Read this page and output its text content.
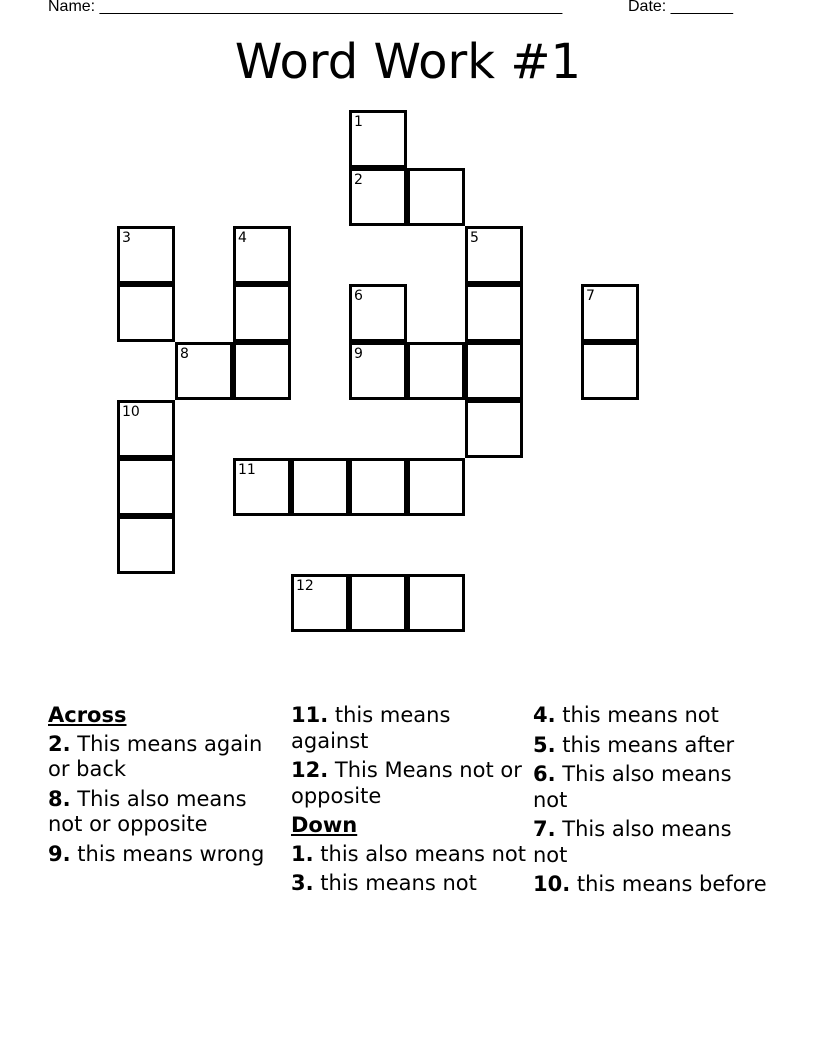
Name: ____________________________________________________	Date: _______
Word Work #1
1
2
3	4	5
6	7
8	9
10
11
12
Across
2. This means again or back
8. This also means not or opposite
9. this means wrong
11. this means against
12. This Means not or opposite
Down
1. this also means not
3. this means not
4. this means not
5. this means after
6. This also means not
7. This also means not
10. this means before
